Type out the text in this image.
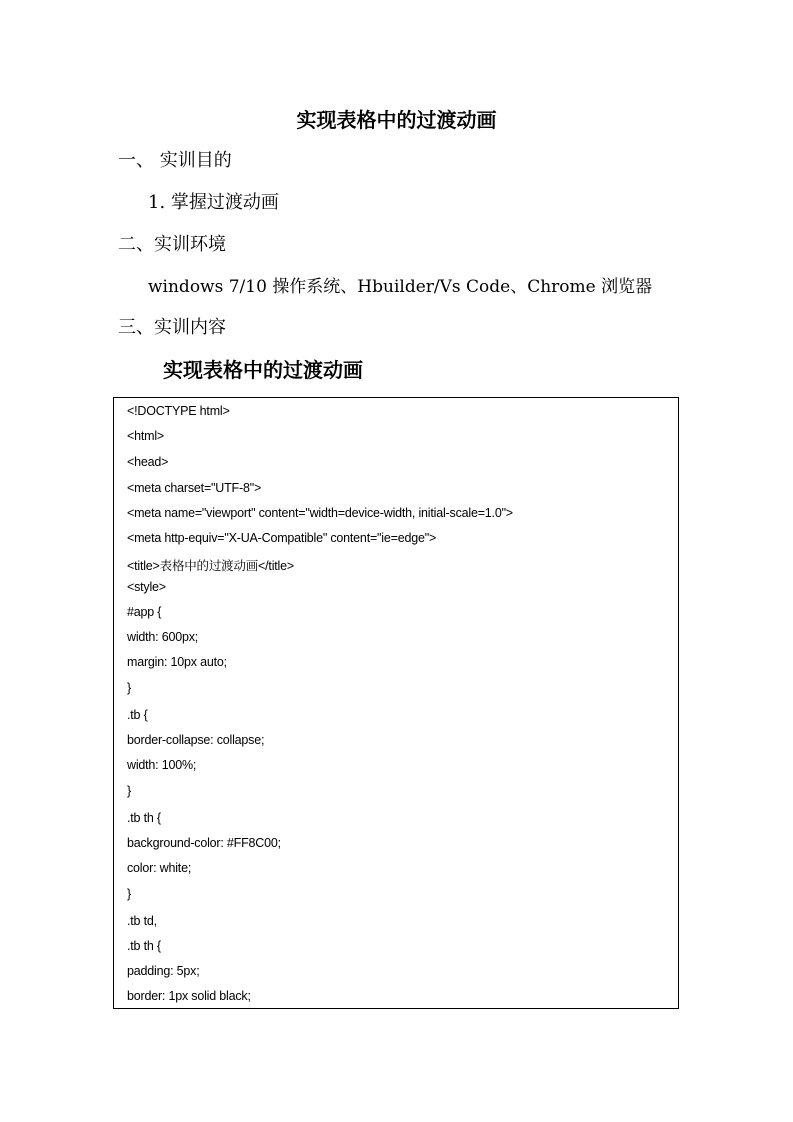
实现表格中的过渡动画
一、 实训目的
1. 掌握过渡动画
二、实训环境
windows 7/10 操作系统、Hbuilder/Vs Code、Chrome 浏览器
三、实训内容
实现表格中的过渡动画
<!DOCTYPE html>
<html>
<head>
<meta charset="UTF-8">
<meta name="viewport" content="width=device-width, initial-scale=1.0">
<meta http-equiv="X-UA-Compatible" content="ie=edge">
<title>表格中的过渡动画</title>
<style>
#app {
width: 600px;
margin: 10px auto;
}
.tb {
border-collapse: collapse;
width: 100%;
}
.tb th {
background-color: #FF8C00;
color: white;
}
.tb td,
.tb th {
padding: 5px;
border: 1px solid black;
